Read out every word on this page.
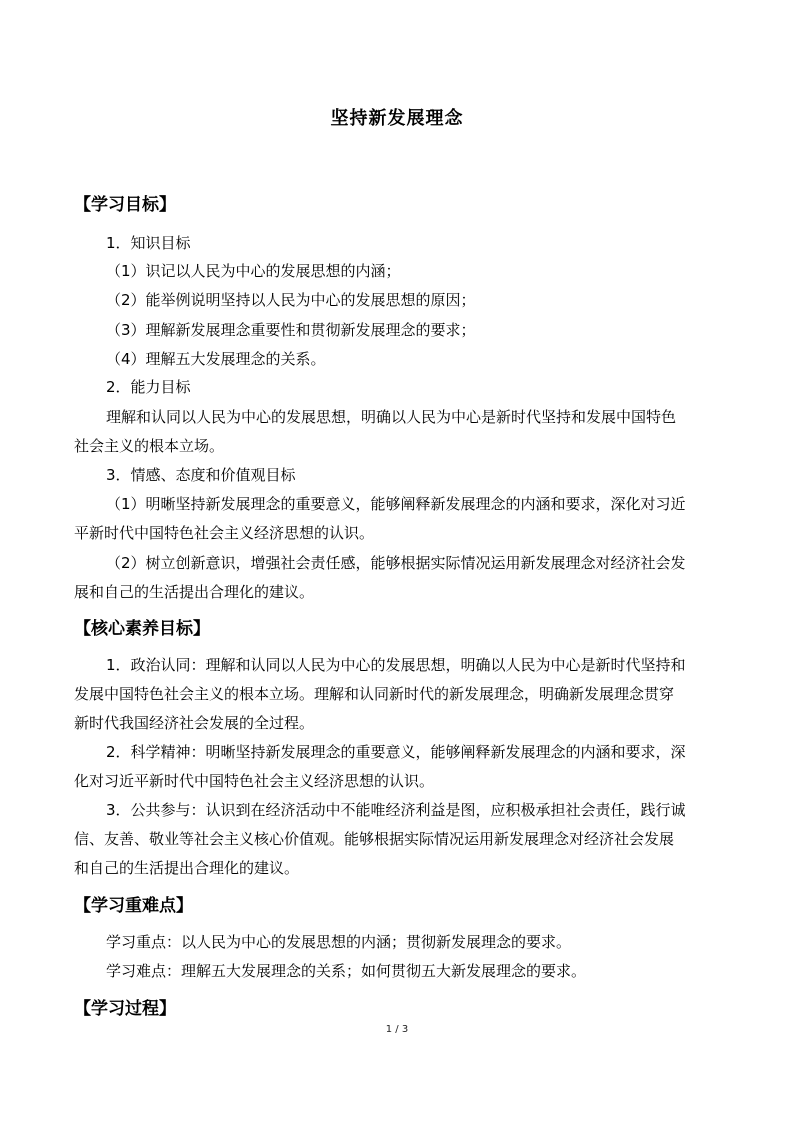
坚持新发展理念
【学习目标】
1．知识目标
（1）识记以人民为中心的发展思想的内涵；
（2）能举例说明坚持以人民为中心的发展思想的原因；
（3）理解新发展理念重要性和贯彻新发展理念的要求；
（4）理解五大发展理念的关系。
2．能力目标
理解和认同以人民为中心的发展思想，明确以人民为中心是新时代坚持和发展中国特色
社会主义的根本立场。
3．情感、态度和价值观目标
（1）明晰坚持新发展理念的重要意义，能够阐释新发展理念的内涵和要求，深化对习近
平新时代中国特色社会主义经济思想的认识。
（2）树立创新意识，增强社会责任感，能够根据实际情况运用新发展理念对经济社会发
展和自己的生活提出合理化的建议。
【核心素养目标】
1．政治认同：理解和认同以人民为中心的发展思想，明确以人民为中心是新时代坚持和
发展中国特色社会主义的根本立场。理解和认同新时代的新发展理念，明确新发展理念贯穿
新时代我国经济社会发展的全过程。
2．科学精神：明晰坚持新发展理念的重要意义，能够阐释新发展理念的内涵和要求，深
化对习近平新时代中国特色社会主义经济思想的认识。
3．公共参与：认识到在经济活动中不能唯经济利益是图，应积极承担社会责任，践行诚
信、友善、敬业等社会主义核心价值观。能够根据实际情况运用新发展理念对经济社会发展
和自己的生活提出合理化的建议。
【学习重难点】
学习重点：以人民为中心的发展思想的内涵；贯彻新发展理念的要求。
学习难点：理解五大发展理念的关系；如何贯彻五大新发展理念的要求。
【学习过程】
1 / 3
